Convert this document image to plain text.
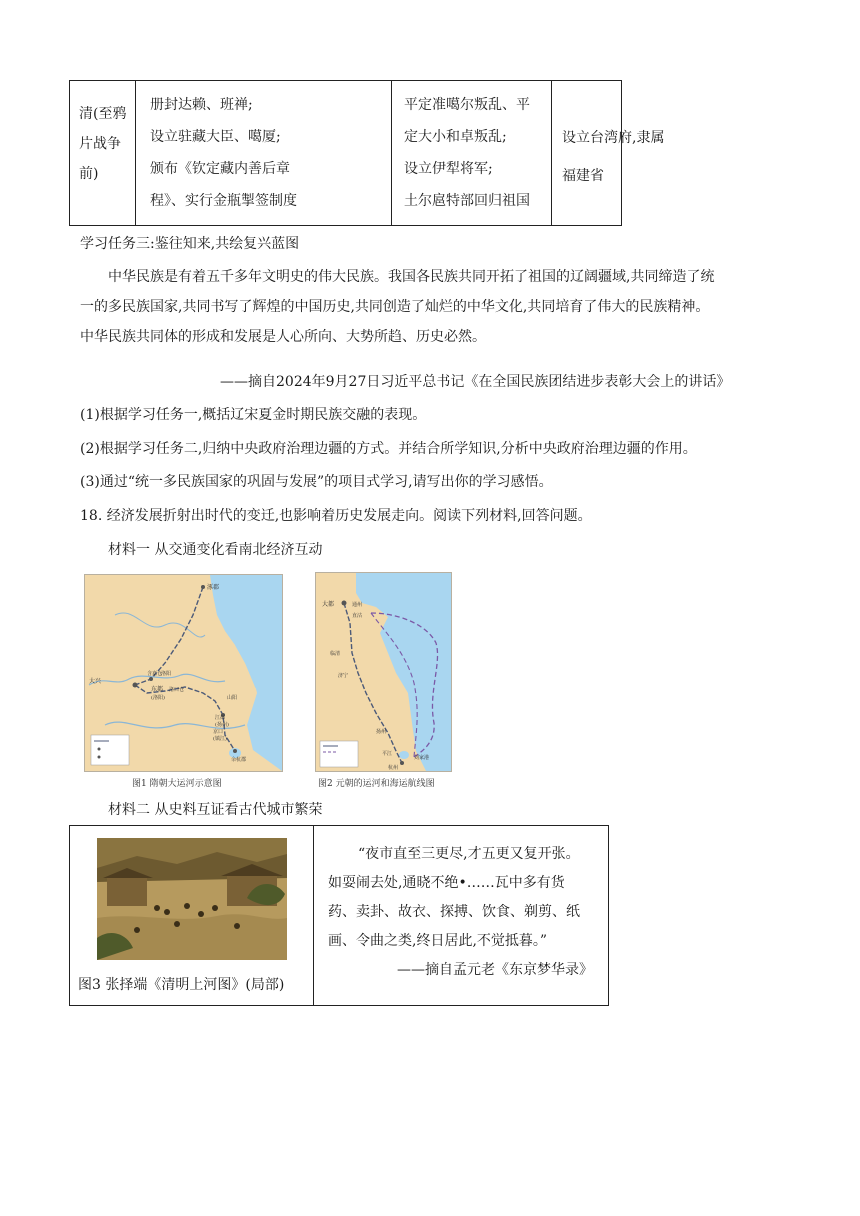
清(至鸦
片战争
前)
册封达赖、班禅;
设立驻藏大臣、噶厦;
颁布《钦定藏内善后章
程》、实行金瓶掣签制度
平定准噶尔叛乱、平
定大小和卓叛乱;
设立伊犁将军;
土尔扈特部回归祖国
设立台湾府,隶属
福建省
学习任务三:鉴往知来,共绘复兴蓝图
中华民族是有着五千多年文明史的伟大民族。我国各民族共同开拓了祖国的辽阔疆域,共同缔造了统
一的多民族国家,共同书写了辉煌的中国历史,共同创造了灿烂的中华文化,共同培育了伟大的民族精神。
中华民族共同体的形成和发展是人心所向、大势所趋、历史必然。
——摘自2024年9月27日习近平总书记《在全国民族团结进步表彰大会上的讲话》
(1)根据学习任务一,概括辽宋夏金时期民族交融的表现。
(2)根据学习任务二,归纳中央政府治理边疆的方式。并结合所学知识,分析中央政府治理边疆的作用。
(3)通过“统一多民族国家的巩固与发展”的项目式学习,请写出你的学习感悟。
18. 经济发展折射出时代的变迁,也影响着历史发展走向。阅读下列材料,回答问题。
材料一 从交通变化看南北经济互动
涿郡
大兴
含嘉仓
洛阳
东都
(洛阳)
洛口仓
山阳
江都
(扬州)
京口
(镇江)
余杭郡
图1 隋朝大运河示意图
大都	通州
直沽
临清
济宁
扬州
平江
刘家港
杭州
图2 元朝的运河和海运航线图
材料二 从史料互证看古代城市繁荣
图3 张择端《清明上河图》(局部)
“夜市直至三更尽,才五更又复开张。
如耍闹去处,通晓不绝•……瓦中多有货
药、卖卦、故衣、探搏、饮食、剃剪、纸
画、令曲之类,终日居此,不觉抵暮。”
——摘自孟元老《东京梦华录》
